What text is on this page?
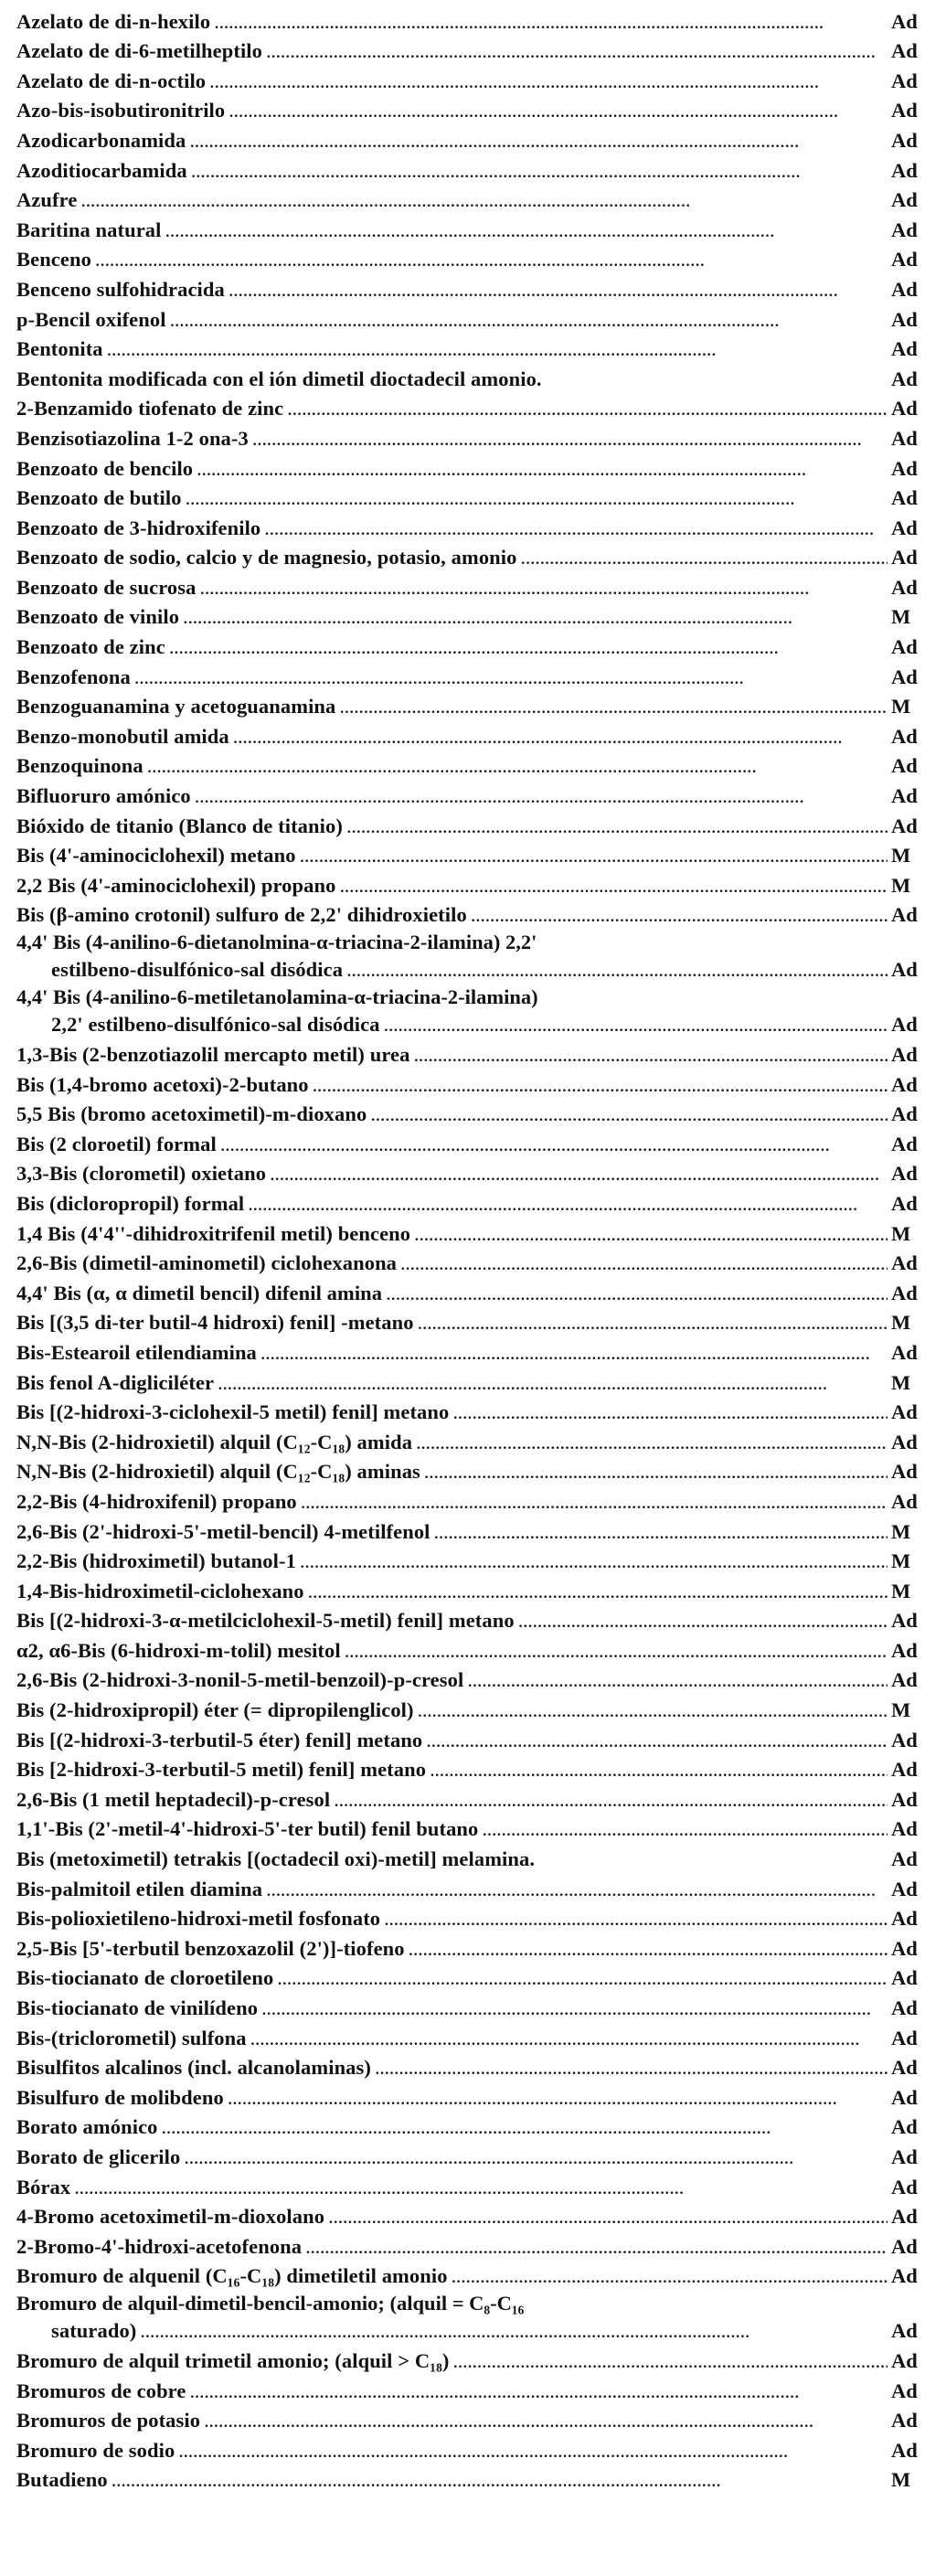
Azelato de di-n-hexilo . . .	Ad
Azelato de di-6-metilheptilo . . .	Ad
Azelato de di-n-octilo . . .	Ad
Azo-bis-isobutironitrilo . . .	Ad
Azodicarbonamida . . .	Ad
Azoditiocarbamida . . .	Ad
Azufre . . .	Ad
Baritina natural . . .	Ad
Benceno . . .	Ad
Benceno sulfohidracida . . .	Ad
p-Bencil oxifenol . . .	Ad
Bentonita . . .	Ad
Bentonita modificada con el ión dimetil dioctadecil amonio.	Ad
2-Benzamido tiofenato de zinc . . .	Ad
Benzisotiazolina 1-2 ona-3 . . .	Ad
Benzoato de bencilo . . .	Ad
Benzoato de butilo . . .	Ad
Benzoato de 3-hidroxifenilo . . .	Ad
Benzoato de sodio, calcio y de magnesio, potasio, amonio . . .	Ad
Benzoato de sucrosa . . .	Ad
Benzoato de vinilo . . .	M
Benzoato de zinc . . .	Ad
Benzofenona . . .	Ad
Benzoguanamina y acetoguanamina . . .	M
Benzo-monobutil amida . . .	Ad
Benzoquinona . . .	Ad
Bifluoruro amónico . . .	Ad
Bióxido de titanio (Blanco de titanio) . . .	Ad
Bis (4'-aminociclohexil) metano . . .	M
2,2 Bis (4'-aminociclohexil) propano . . .	M
Bis (β-amino crotonil) sulfuro de 2,2' dihidroxietilo . . .	Ad
4,4' Bis (4-anilino-6-dietanolmina-α-triacina-2-ilamina) 2,2'
estilbeno-disulfónico-sal disódica . . .	Ad
4,4' Bis (4-anilino-6-metiletanolamina-α-triacina-2-ilamina)
2,2' estilbeno-disulfónico-sal disódica . . .	Ad
1,3-Bis (2-benzotiazolil mercapto metil) urea . . .	Ad
Bis (1,4-bromo acetoxi)-2-butano . . .	Ad
5,5 Bis (bromo acetoximetil)-m-dioxano . . .	Ad
Bis (2 cloroetil) formal . . .	Ad
3,3-Bis (clorometil) oxietano . . .	Ad
Bis (dicloropropil) formal . . .	Ad
1,4 Bis (4'4''-dihidroxitrifenil metil) benceno . . .	M
2,6-Bis (dimetil-aminometil) ciclohexanona . . .	Ad
4,4' Bis (α, α dimetil bencil) difenil amina . . .	Ad
Bis [(3,5 di-ter butil-4 hidroxi) fenil] -metano . . .	M
Bis-Estearoil etilendiamina . . .	Ad
Bis fenol A-digliciléter . . .	M
Bis [(2-hidroxi-3-ciclohexil-5 metil) fenil] metano . . .	Ad
N,N-Bis (2-hidroxietil) alquil (C₁₂-C₁₈) amida . . .	Ad
N,N-Bis (2-hidroxietil) alquil (C₁₂-C₁₈) aminas . . .	Ad
2,2-Bis (4-hidroxifenil) propano . . .	Ad
2,6-Bis (2'-hidroxi-5'-metil-bencil) 4-metilfenol . . .	M
2,2-Bis (hidroximetil) butanol-1 . . .	M
1,4-Bis-hidroximetil-ciclohexano . . .	M
Bis [(2-hidroxi-3-α-metilciclohexil-5-metil) fenil] metano . . .	Ad
α2, α6-Bis (6-hidroxi-m-tolil) mesitol . . .	Ad
2,6-Bis (2-hidroxi-3-nonil-5-metil-benzoil)-p-cresol . . .	Ad
Bis (2-hidroxipropil) éter (= dipropilenglicol) . . .	M
Bis [(2-hidroxi-3-terbutil-5 éter) fenil] metano . . .	Ad
Bis [2-hidroxi-3-terbutil-5 metil) fenil] metano . . .	Ad
2,6-Bis (1 metil heptadecil)-p-cresol . . .	Ad
1,1'-Bis (2'-metil-4'-hidroxi-5'-ter butil) fenil butano . . .	Ad
Bis (metoximetil) tetrakis [(octadecil oxi)-metil] melamina.	Ad
Bis-palmitoil etilen diamina . . .	Ad
Bis-polioxietileno-hidroxi-metil fosfonato . . .	Ad
2,5-Bis [5'-terbutil benzoxazolil (2')]-tiofeno . . .	Ad
Bis-tiocianato de cloroetileno . . .	Ad
Bis-tiocianato de vinilídeno . . .	Ad
Bis-(triclorometil) sulfona . . .	Ad
Bisulfitos alcalinos (incl. alcanolaminas) . . .	Ad
Bisulfuro de molibdeno . . .	Ad
Borato amónico . . .	Ad
Borato de glicerilo . . .	Ad
Bórax . . .	Ad
4-Bromo acetoximetil-m-dioxolano . . .	Ad
2-Bromo-4'-hidroxi-acetofenona . . .	Ad
Bromuro de alquenil (C₁₆-C₁₈) dimetiletil amonio . . .	Ad
Bromuro de alquil-dimetil-bencil-amonio; (alquil = C₈-C₁₆
saturado) . . .	Ad
Bromuro de alquil trimetil amonio; (alquil > C₁₈) . . .	Ad
Bromuros de cobre . . .	Ad
Bromuros de potasio . . .	Ad
Bromuro de sodio . . .	Ad
Butadieno . . .	M
